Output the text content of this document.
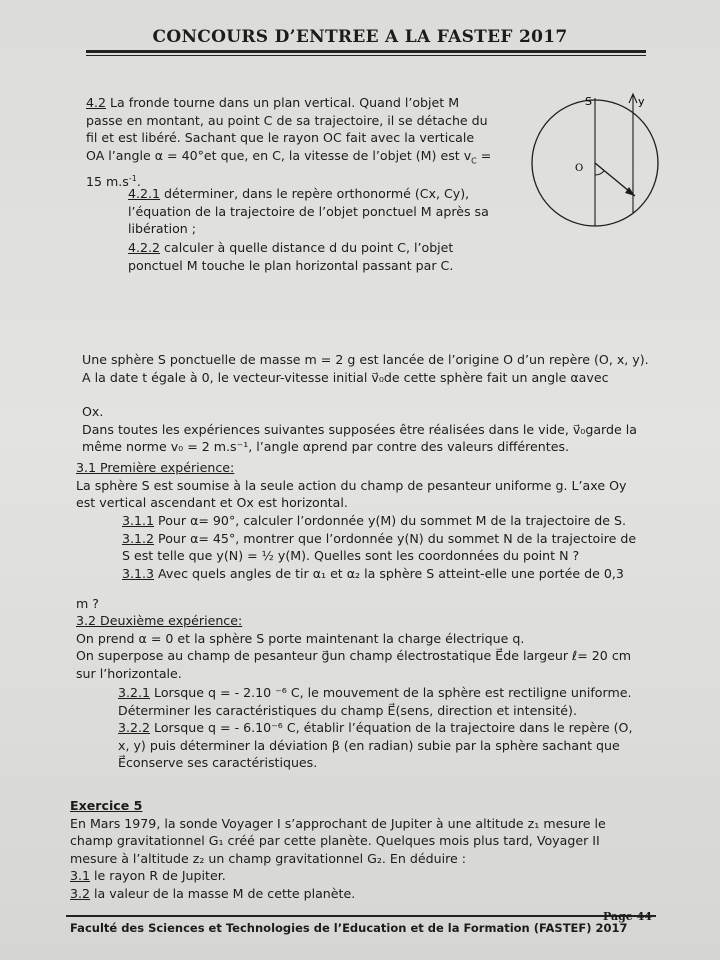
CONCOURS D’ENTREE A LA FASTEF 2017
4.2 La fronde tourne dans un plan vertical. Quand l’objet M
passe en montant, au point C de sa trajectoire, il se détache du
fil et est libéré. Sachant que le rayon OC fait avec la verticale
OA l’angle α = 40°et que, en C, la vitesse de l’objet (M) est $v_C$ =
15 $m.s^{-1}$.
4.2.1 déterminer, dans le repère orthonormé (Cx, Cy),
l’équation de la trajectoire de l’objet ponctuel M après sa
libération ;
4.2.2 calculer à quelle distance d du point C, l’objet
ponctuel M touche le plan horizontal passant par C.
S	y
O
Une sphère S ponctuelle de masse m = 2 g est lancée de l’origine O d’un repère (O, x, y).
A la date t égale à 0, le vecteur-vitesse initial v⃗₀de cette sphère fait un angle αavec
Ox.
Dans toutes les expériences suivantes supposées être réalisées dans le vide, v⃗₀garde la
même norme v₀ = 2 m.s⁻¹, l’angle αprend par contre des valeurs différentes.
3.1 Première expérience:
La sphère S est soumise à la seule action du champ de pesanteur uniforme g. L’axe Oy
est vertical ascendant et Ox est horizontal.
3.1.1 Pour α= 90°, calculer l’ordonnée y(M) du sommet M de la trajectoire de S.
3.1.2 Pour α= 45°, montrer que l’ordonnée y(N) du sommet N de la trajectoire de
S est telle que y(N) = ½ y(M). Quelles sont les coordonnées du point N ?
3.1.3 Avec quels angles de tir α₁ et α₂ la sphère S atteint-elle une portée de 0,3
m ?
3.2 Deuxième expérience:
On prend α = 0 et la sphère S porte maintenant la charge électrique q.
On superpose au champ de pesanteur g⃗un champ électrostatique E⃗de largeur ℓ= 20 cm
sur l’horizontale.
3.2.1 Lorsque q = - 2.10 ⁻⁶ C, le mouvement de la sphère est rectiligne uniforme.
Déterminer les caractéristiques du champ E⃗(sens, direction et intensité).
3.2.2 Lorsque q = - 6.10⁻⁶ C, établir l’équation de la trajectoire dans le repère (O,
x, y) puis déterminer la déviation β (en radian) subie par la sphère sachant que
E⃗conserve ses caractéristiques.
Exercice 5
En Mars 1979, la sonde Voyager I s’approchant de Jupiter à une altitude z₁ mesure le
champ gravitationnel G₁ créé par cette planète. Quelques mois plus tard, Voyager II
mesure à l’altitude z₂ un champ gravitationnel G₂. En déduire :
3.1 le rayon R de Jupiter.
3.2 la valeur de la masse M de cette planète.
Faculté des Sciences et Technologies de l’Education et de la Formation (FASTEF) 2017
Page 44
